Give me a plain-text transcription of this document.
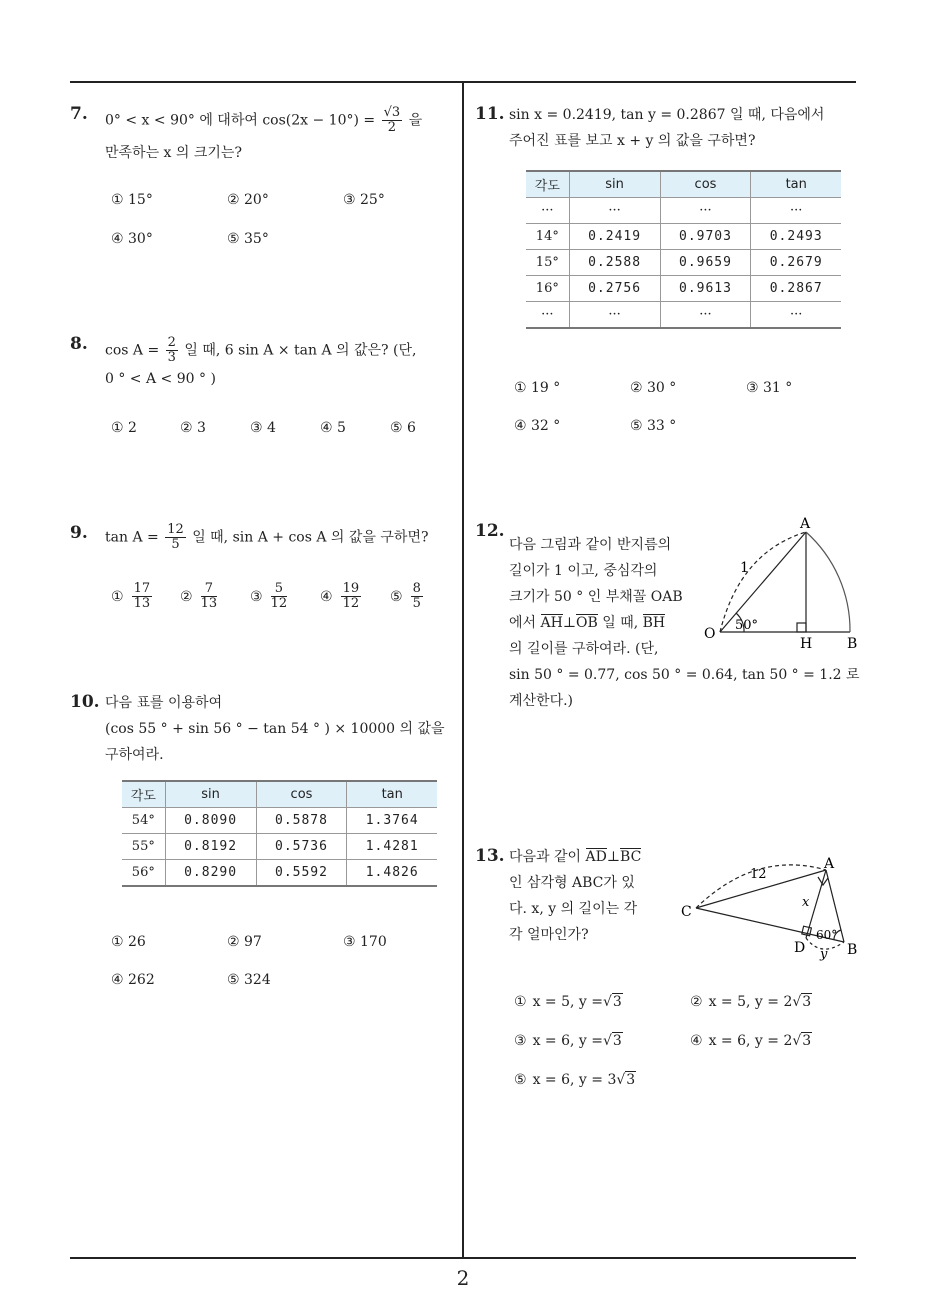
2
7. 0° < x < 90° 에 대하여 $\cos(2x - 10^\circ) = \frac{√3}{2}$ 을
만족하는 x 의 크기는?
① 15°	② 20°	③ 25°
④ 30°	⑤ 35°
8. $\cos A = \frac{2}{3}$ 일 때, 6 sin A × tan A 의 값은? (단,
0 ° < A < 90 ° )
① 2	② 3	③ 4	④ 5	⑤ 6
9. $\tan A = \frac{12}{5}$ 일 때, sin A + cos A 의 값을 구하면?
① $\frac{17}{13}$ ② $\frac{7}{13}$ ③ $\frac{5}{12}$ ④ $\frac{19}{12}$ ⑤ $\frac{8}{5}$
10. 다음 표를 이용하여
(cos 55 ° + sin 56 ° − tan 54 ° ) × 10000 의 값을
구하여라.
각도	sin	cos	tan
54°	0.8090	0.5878	1.3764
55°	0.8192	0.5736	1.4281
56°	0.8290	0.5592	1.4826
① 26	② 97	③ 170
④ 262	⑤ 324
11. sin x = 0.2419, tan y = 0.2867 일 때, 다음에서
주어진 표를 보고 x + y 의 값을 구하면?
각도	sin	cos	tan
···	···	···	···
14°	0.2419	0.9703	0.2493
15°	0.2588	0.9659	0.2679
16°	0.2756	0.9613	0.2867
···	···	···	···
① 19 °	② 30 °	③ 31 °
④ 32 °	⑤ 33 °
12.
다음 그림과 같이 반지름의
길이가 1 이고, 중심각의
크기가 50 ° 인 부채꼴 OAB
에서 AH⊥OB 일 때, BH
의 길이를 구하여라. (단,
sin 50 ° = 0.77, cos 50 ° = 0.64, tan 50 ° = 1.2 로
계산한다.)
A
O
H B
1
50°
13. 다음과 같이 AD⊥BC
인 삼각형 ABC가 있
다. x, y 의 길이는 각
각 얼마인가?
A
C
D	B
12
x
y
60°
① x = 5, y =√3	② x = 5, y = 2√3
③ x = 6, y =√3	④ x = 6, y = 2√3
⑤ x = 6, y = 3√3
